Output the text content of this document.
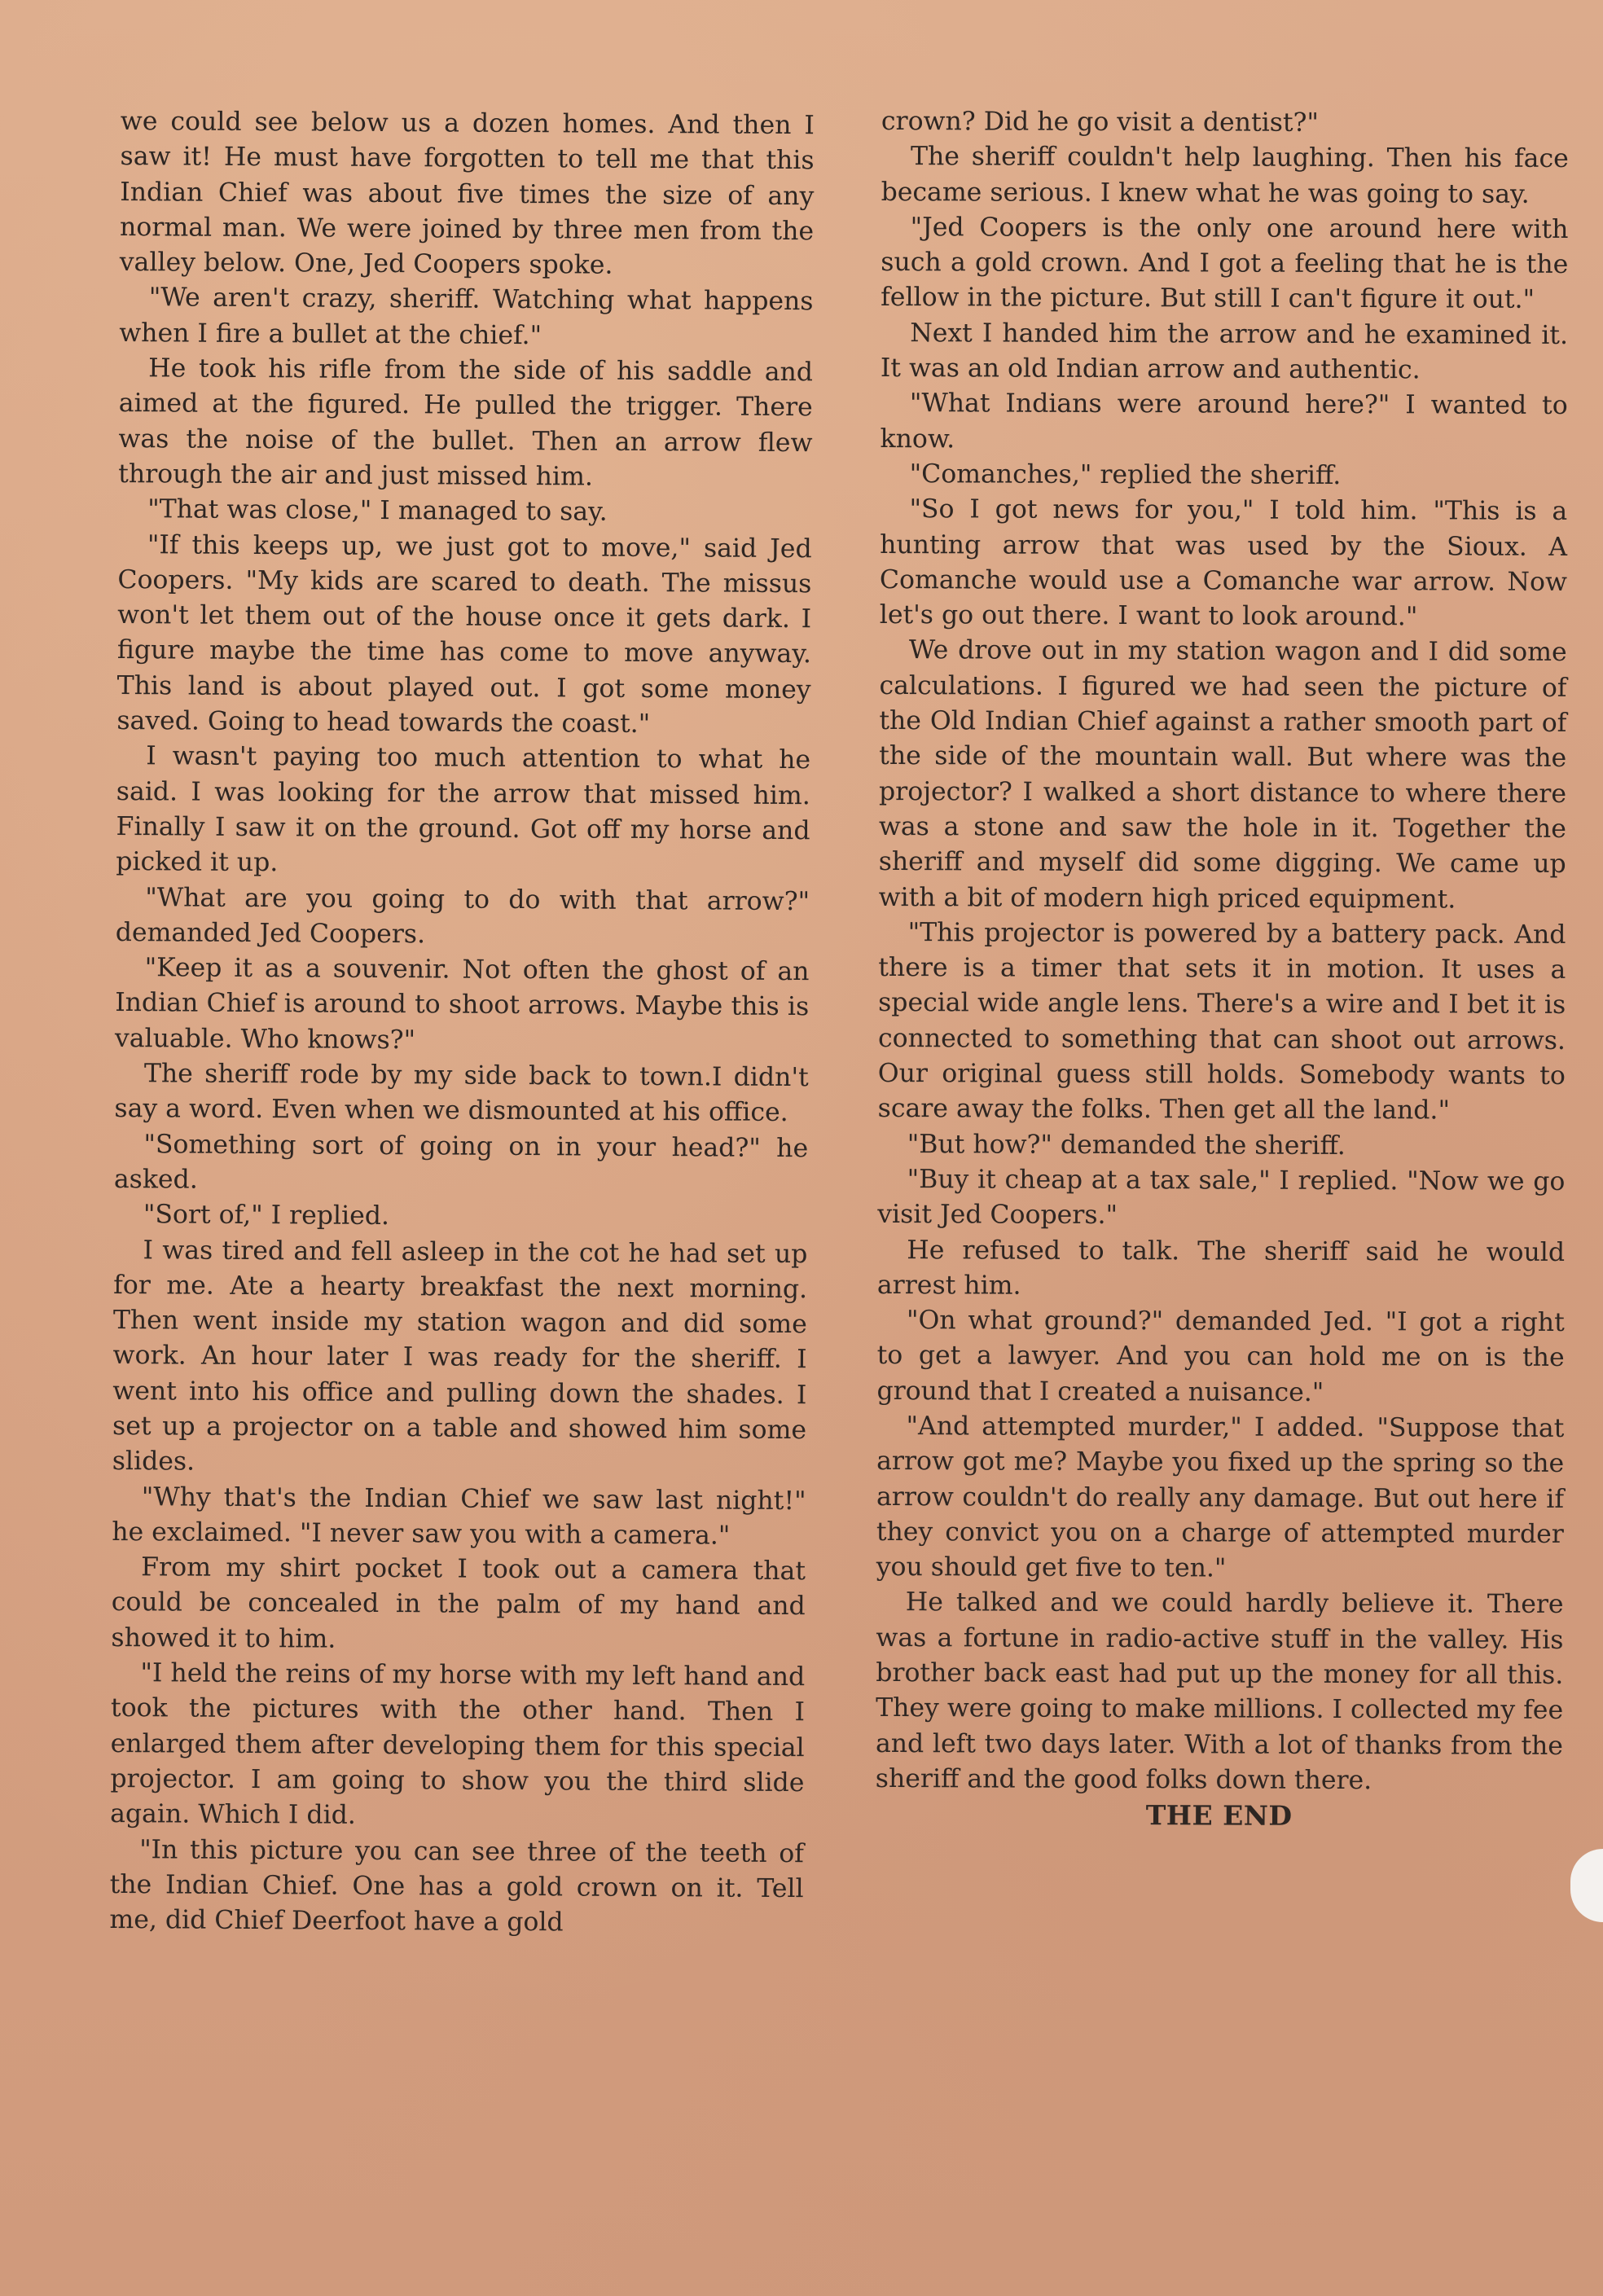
we could see below us a dozen homes. And then I saw it! He must have forgotten to tell me that this Indian Chief was about five times the size of any normal man. We were joined by three men from the valley below. One, Jed Coopers spoke.

"We aren't crazy, sheriff. Watching what happens when I fire a bullet at the chief."

He took his rifle from the side of his saddle and aimed at the figured. He pulled the trigger. There was the noise of the bullet. Then an arrow flew through the air and just missed him.

"That was close," I managed to say.

"If this keeps up, we just got to move," said Jed Coopers. "My kids are scared to death. The missus won't let them out of the house once it gets dark. I figure maybe the time has come to move anyway. This land is about played out. I got some money saved. Going to head towards the coast."

I wasn't paying too much attention to what he said. I was looking for the arrow that missed him. Finally I saw it on the ground. Got off my horse and picked it up.

"What are you going to do with that arrow?" demanded Jed Coopers.

"Keep it as a souvenir. Not often the ghost of an Indian Chief is around to shoot arrows. Maybe this is valuable. Who knows?"

The sheriff rode by my side back to town.I didn't say a word. Even when we dismounted at his office.

"Something sort of going on in your head?" he asked.

"Sort of," I replied.

I was tired and fell asleep in the cot he had set up for me. Ate a hearty breakfast the next morning. Then went inside my station wagon and did some work. An hour later I was ready for the sheriff. I went into his office and pulling down the shades. I set up a projector on a table and showed him some slides.

"Why that's the Indian Chief we saw last night!" he exclaimed. "I never saw you with a camera."

From my shirt pocket I took out a camera that could be concealed in the palm of my hand and showed it to him.

"I held the reins of my horse with my left hand and took the pictures with the other hand. Then I enlarged them after developing them for this special projector. I am going to show you the third slide again. Which I did.

"In this picture you can see three of the teeth of the Indian Chief. One has a gold crown on it. Tell me, did Chief Deerfoot have a gold

crown? Did he go visit a dentist?"

The sheriff couldn't help laughing. Then his face became serious. I knew what he was going to say.

"Jed Coopers is the only one around here with such a gold crown. And I got a feeling that he is the fellow in the picture. But still I can't figure it out."

Next I handed him the arrow and he examined it. It was an old Indian arrow and authentic.

"What Indians were around here?" I wanted to know.

"Comanches," replied the sheriff.

"So I got news for you," I told him. "This is a hunting arrow that was used by the Sioux. A Comanche would use a Comanche war arrow. Now let's go out there. I want to look around."

We drove out in my station wagon and I did some calculations. I figured we had seen the picture of the Old Indian Chief against a rather smooth part of the side of the mountain wall. But where was the projector? I walked a short distance to where there was a stone and saw the hole in it. Together the sheriff and myself did some digging. We came up with a bit of modern high priced equipment.

"This projector is powered by a battery pack. And there is a timer that sets it in motion. It uses a special wide angle lens. There's a wire and I bet it is connected to something that can shoot out arrows. Our original guess still holds. Somebody wants to scare away the folks. Then get all the land."

"But how?" demanded the sheriff.

"Buy it cheap at a tax sale," I replied. "Now we go visit Jed Coopers."

He refused to talk. The sheriff said he would arrest him.

"On what ground?" demanded Jed. "I got a right to get a lawyer. And you can hold me on is the ground that I created a nuisance."

"And attempted murder," I added. "Suppose that arrow got me? Maybe you fixed up the spring so the arrow couldn't do really any damage. But out here if they convict you on a charge of attempted murder you should get five to ten."

He talked and we could hardly believe it. There was a fortune in radio-active stuff in the valley. His brother back east had put up the money for all this. They were going to make millions. I collected my fee and left two days later. With a lot of thanks from the sheriff and the good folks down there.

THE END
